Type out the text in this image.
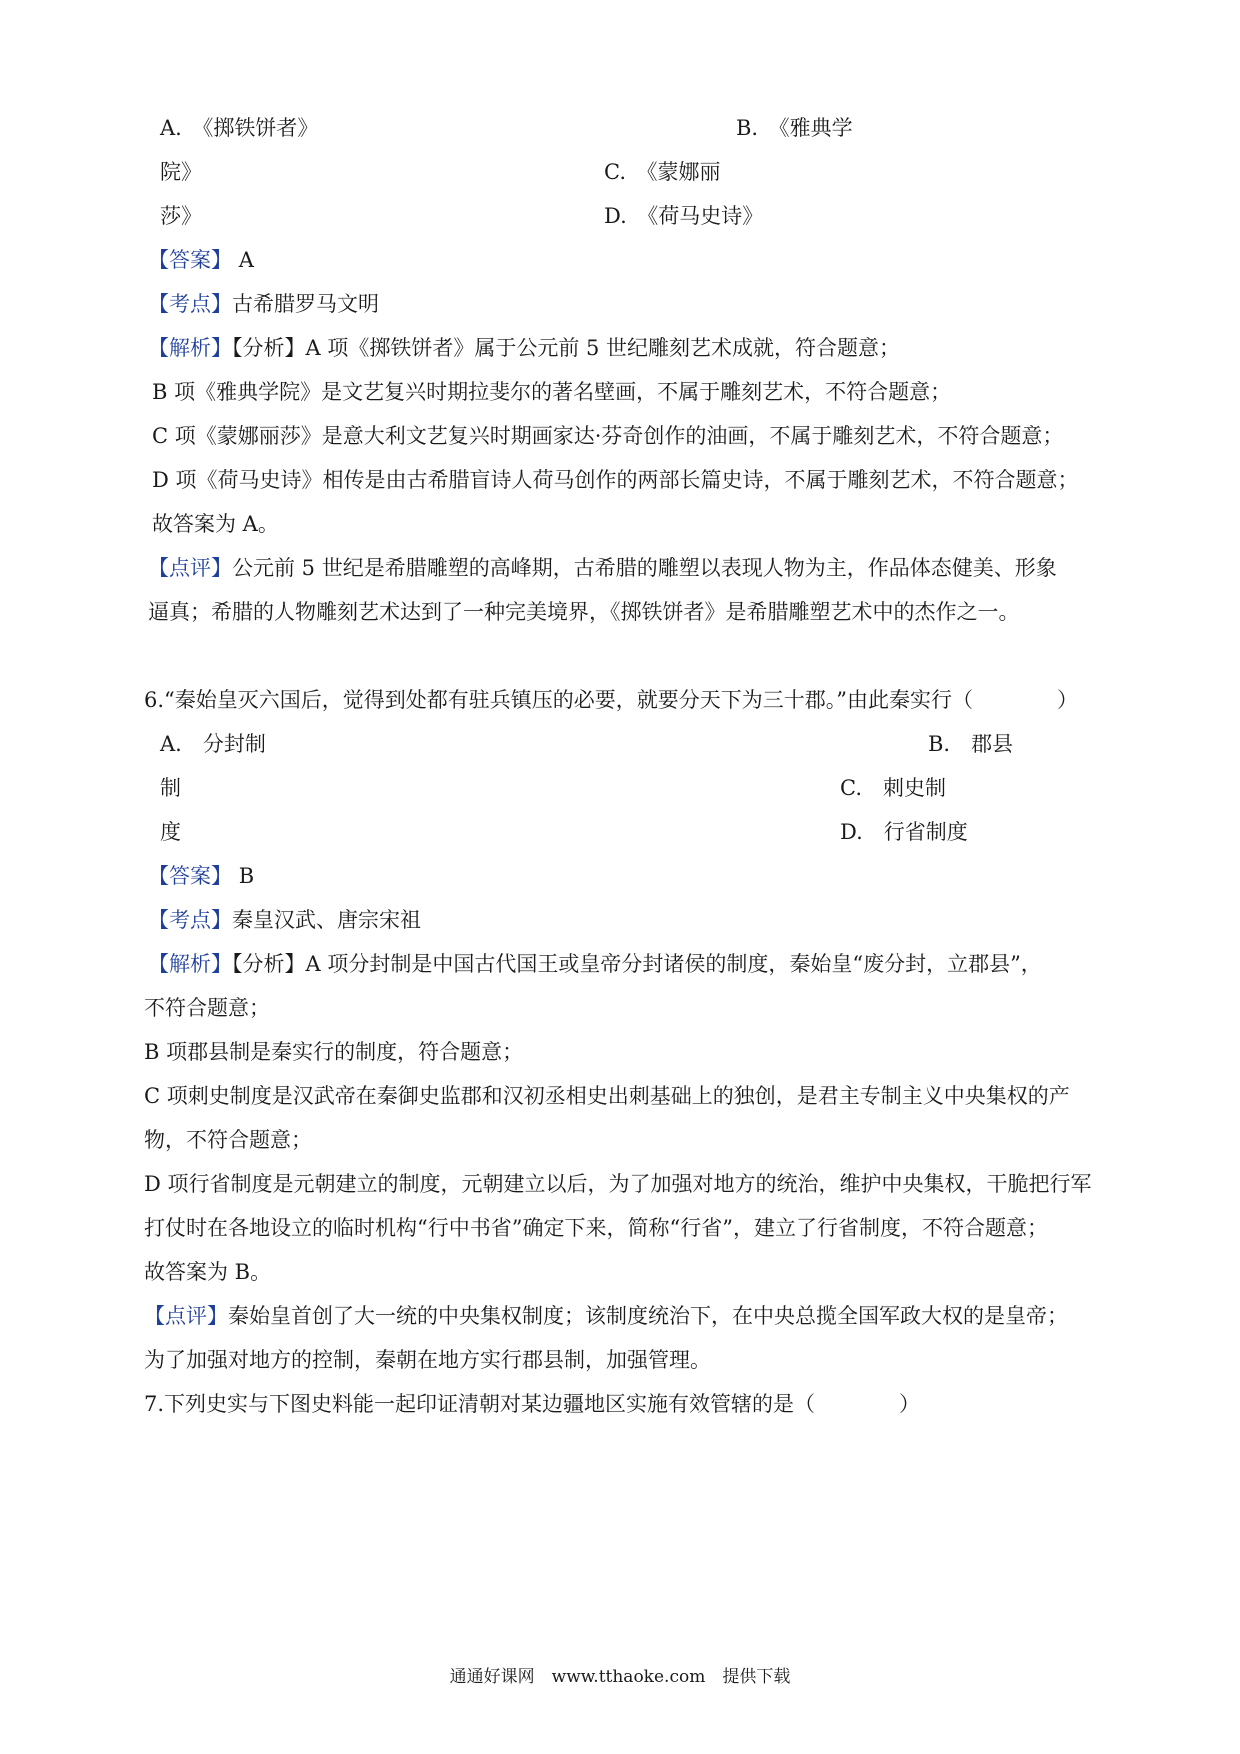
A.　《掷铁饼者》	B.　《雅典学
院》	C.　《蒙娜丽
莎》	D.　《荷马史诗》
【答案】 A
【考点】古希腊罗马文明
【解析】【分析】A 项《掷铁饼者》属于公元前 5 世纪雕刻艺术成就，符合题意；
B 项《雅典学院》是文艺复兴时期拉斐尔的著名壁画，不属于雕刻艺术，不符合题意；
C 项《蒙娜丽莎》是意大利文艺复兴时期画家达·芬奇创作的油画，不属于雕刻艺术，不符合题意；
D 项《荷马史诗》相传是由古希腊盲诗人荷马创作的两部长篇史诗，不属于雕刻艺术，不符合题意；
故答案为 A。
【点评】公元前 5 世纪是希腊雕塑的高峰期，古希腊的雕塑以表现人物为主，作品体态健美、形象
逼真；希腊的人物雕刻艺术达到了一种完美境界，《掷铁饼者》是希腊雕塑艺术中的杰作之一。
6.“秦始皇灭六国后，觉得到处都有驻兵镇压的必要，就要分天下为三十郡。”由此秦实行（　　　　）
A.　分封制	B.　郡县
制	C.　刺史制
度	D.　行省制度
【答案】 B
【考点】秦皇汉武、唐宗宋祖
【解析】【分析】A 项分封制是中国古代国王或皇帝分封诸侯的制度，秦始皇“废分封，立郡县”，
不符合题意；
B 项郡县制是秦实行的制度，符合题意；
C 项刺史制度是汉武帝在秦御史监郡和汉初丞相史出刺基础上的独创，是君主专制主义中央集权的产
物，不符合题意；
D 项行省制度是元朝建立的制度，元朝建立以后，为了加强对地方的统治，维护中央集权，干脆把行军
打仗时在各地设立的临时机构“行中书省”确定下来，简称“行省”，建立了行省制度，不符合题意；
故答案为 B。
【点评】秦始皇首创了大一统的中央集权制度；该制度统治下，在中央总揽全国军政大权的是皇帝；
为了加强对地方的控制，秦朝在地方实行郡县制，加强管理。
7.下列史实与下图史料能一起印证清朝对某边疆地区实施有效管辖的是（　　　　）
通通好课网　www.tthaoke.com　提供下载
